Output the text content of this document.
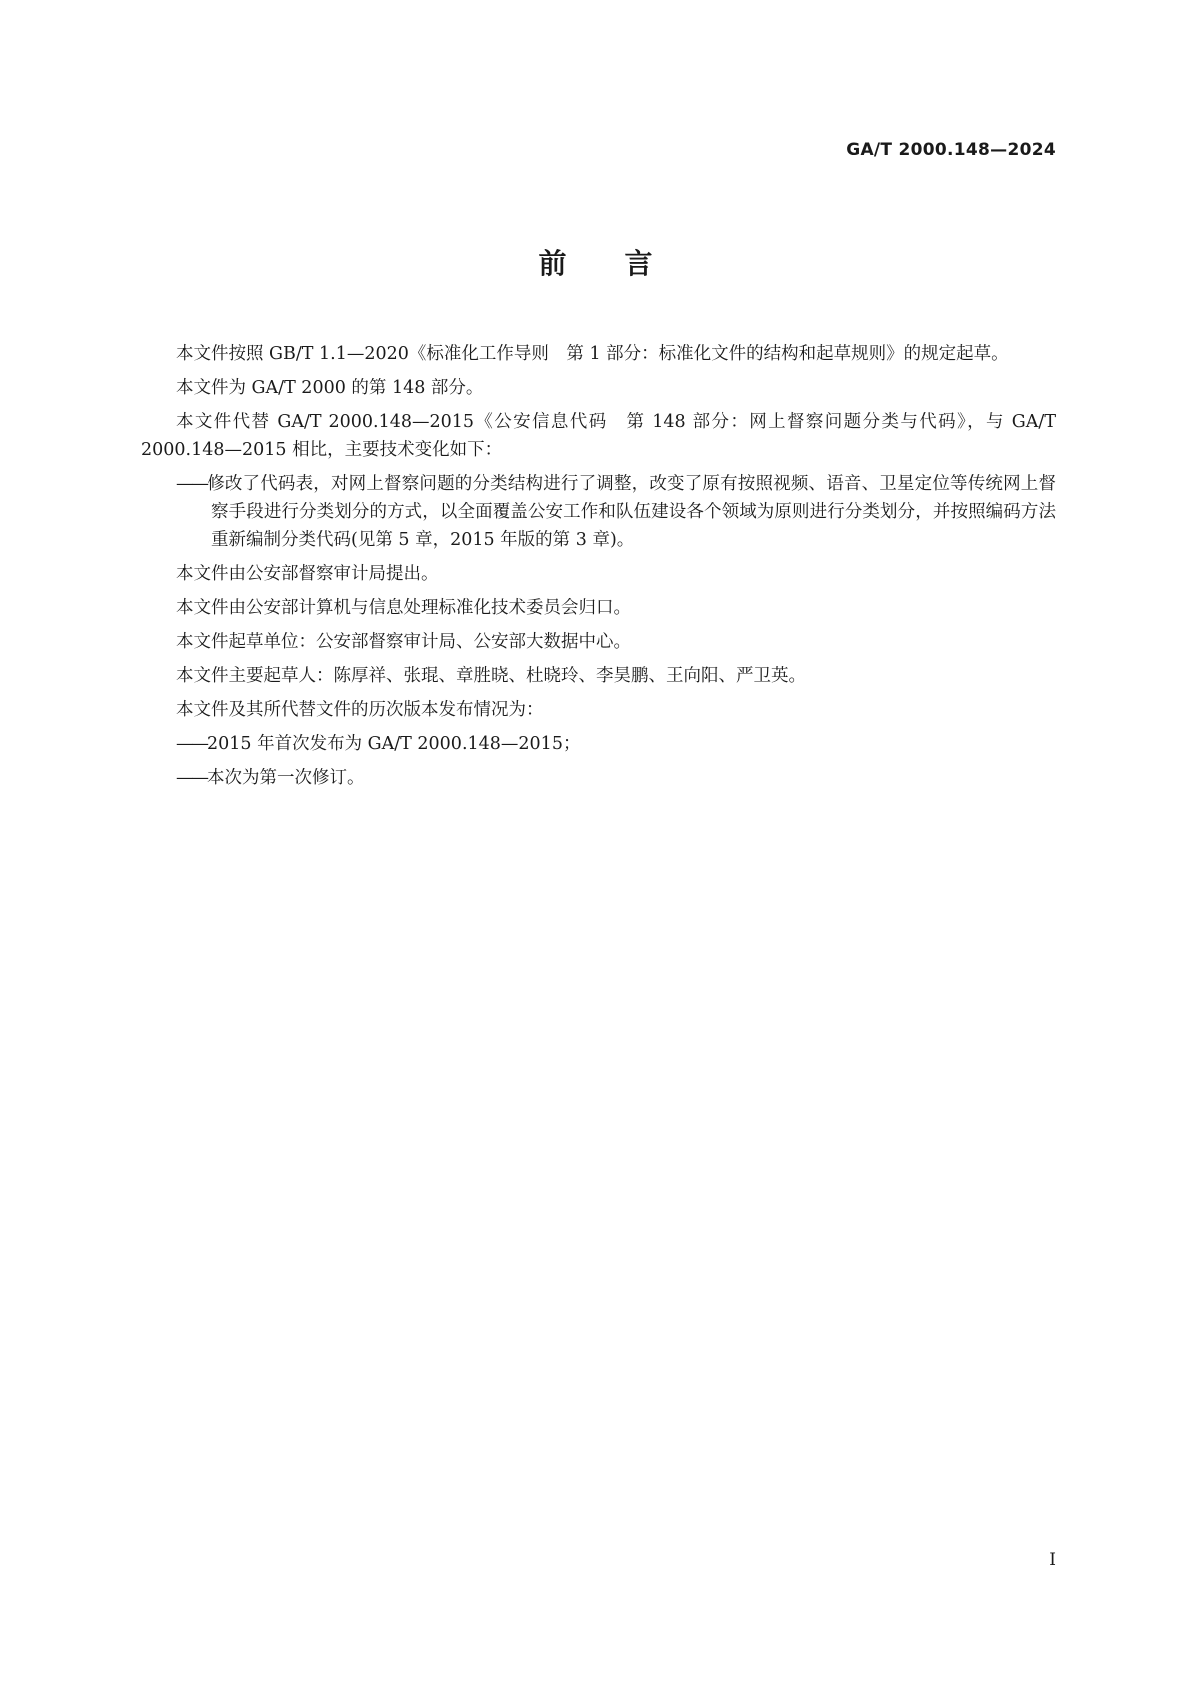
GA/T 2000.148—2024
前言

本文件按照 GB/T 1.1—2020《标准化工作导则　第 1 部分：标准化文件的结构和起草规则》的规定起草。

本文件为 GA/T 2000 的第 148 部分。

本文件代替 GA/T 2000.148—2015《公安信息代码　第 148 部分：网上督察问题分类与代码》，与 GA/T 2000.148—2015 相比，主要技术变化如下：

——修改了代码表，对网上督察问题的分类结构进行了调整，改变了原有按照视频、语音、卫星定位等传统网上督察手段进行分类划分的方式，以全面覆盖公安工作和队伍建设各个领域为原则进行分类划分，并按照编码方法重新编制分类代码(见第 5 章，2015 年版的第 3 章)。

本文件由公安部督察审计局提出。

本文件由公安部计算机与信息处理标准化技术委员会归口。

本文件起草单位：公安部督察审计局、公安部大数据中心。

本文件主要起草人：陈厚祥、张琨、章胜晓、杜晓玲、李昊鹏、王向阳、严卫英。

本文件及其所代替文件的历次版本发布情况为：

——2015 年首次发布为 GA/T 2000.148—2015；

——本次为第一次修订。

I
